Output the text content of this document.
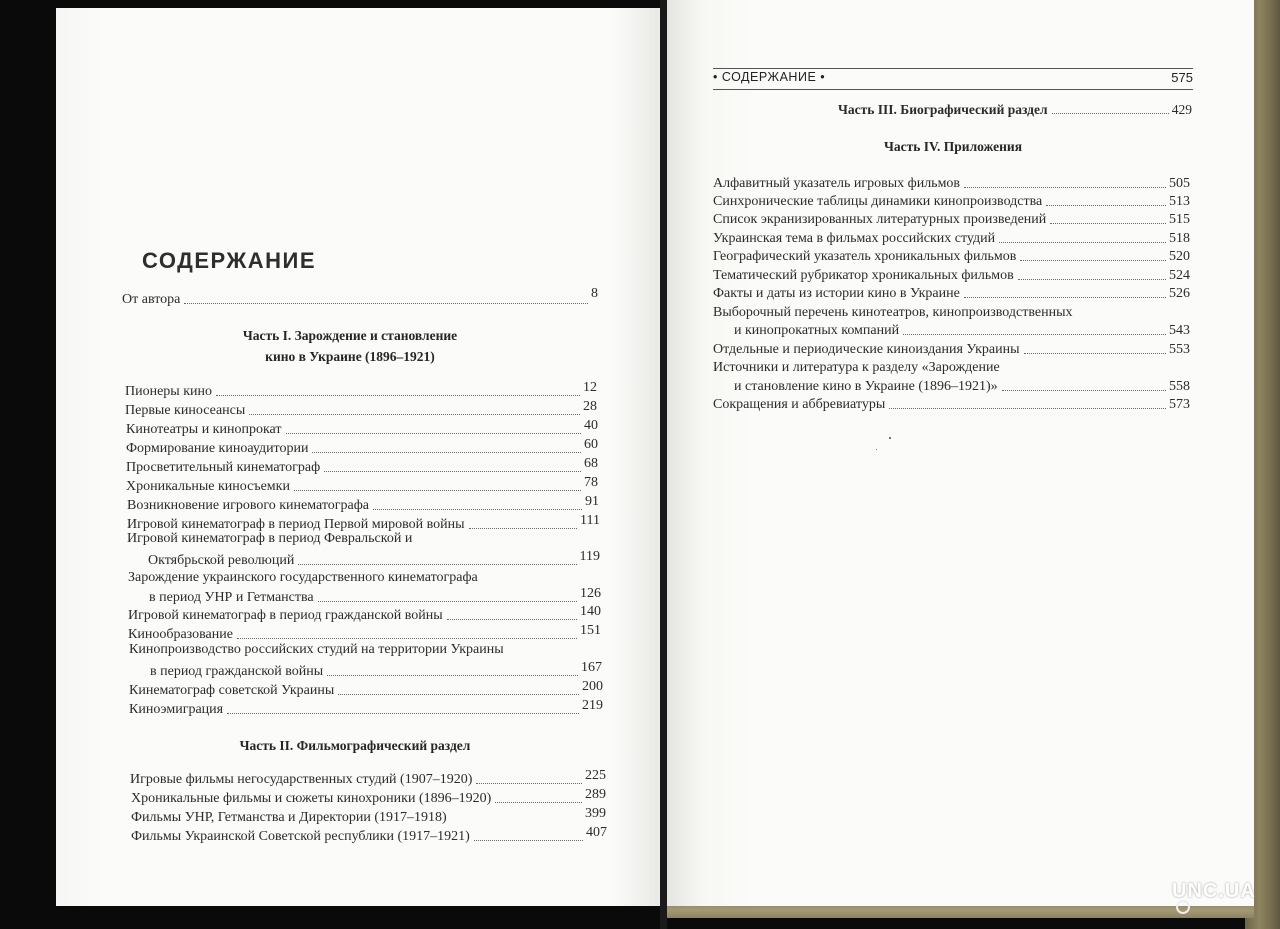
СОДЕРЖАНИЕ
От автора	8
Часть I. Зарождение и становление
кино в Украине (1896–1921)
Пионеры кино	12
Первые киносеансы	28
Кинотеатры и кинопрокат	40
Формирование киноаудитории	60
Просветительный кинематограф	68
Хроникальные киносъемки	78
Возникновение игрового кинематографа	91
Игровой кинематограф в период Первой мировой войны	111
Игровой кинематограф в период Февральской и
Октябрьской революций	119
Зарождение украинского государственного кинематографа
в период УНР и Гетманства	126
Игровой кинематограф в период гражданской войны	140
Кинообразование	151
Кинопроизводство российских студий на территории Украины
в период гражданской войны	167
Кинематограф советской Украины	200
Киноэмиграция	219
Часть II. Фильмографический раздел
Игровые фильмы негосударственных студий (1907–1920)	225
Хроникальные фильмы и сюжеты кинохроники (1896–1920)	289
Фильмы УНР, Гетманства и Директории (1917–1918)	399
Фильмы Украинской Советской республики (1917–1921)	407
• СОДЕРЖАНИЕ •	575
Часть III. Биографический раздел	429
Часть IV. Приложения
Алфавитный указатель игровых фильмов	505
Синхронические таблицы динамики кинопроизводства	513
Список экранизированных литературных произведений	515
Украинская тема в фильмах российских студий	518
Географический указатель хроникальных фильмов	520
Тематический рубрикатор хроникальных фильмов	524
Факты и даты из истории кино в Украине	526
Выборочный перечень кинотеатров, кинопроизводственных
и кинопрокатных компаний	543
Отдельные и периодические киноиздания Украины	553
Источники и литература к разделу «Зарождение
и становление кино в Украине (1896–1921)»	558
Сокращения и аббревиатуры	573
UNC.UA
